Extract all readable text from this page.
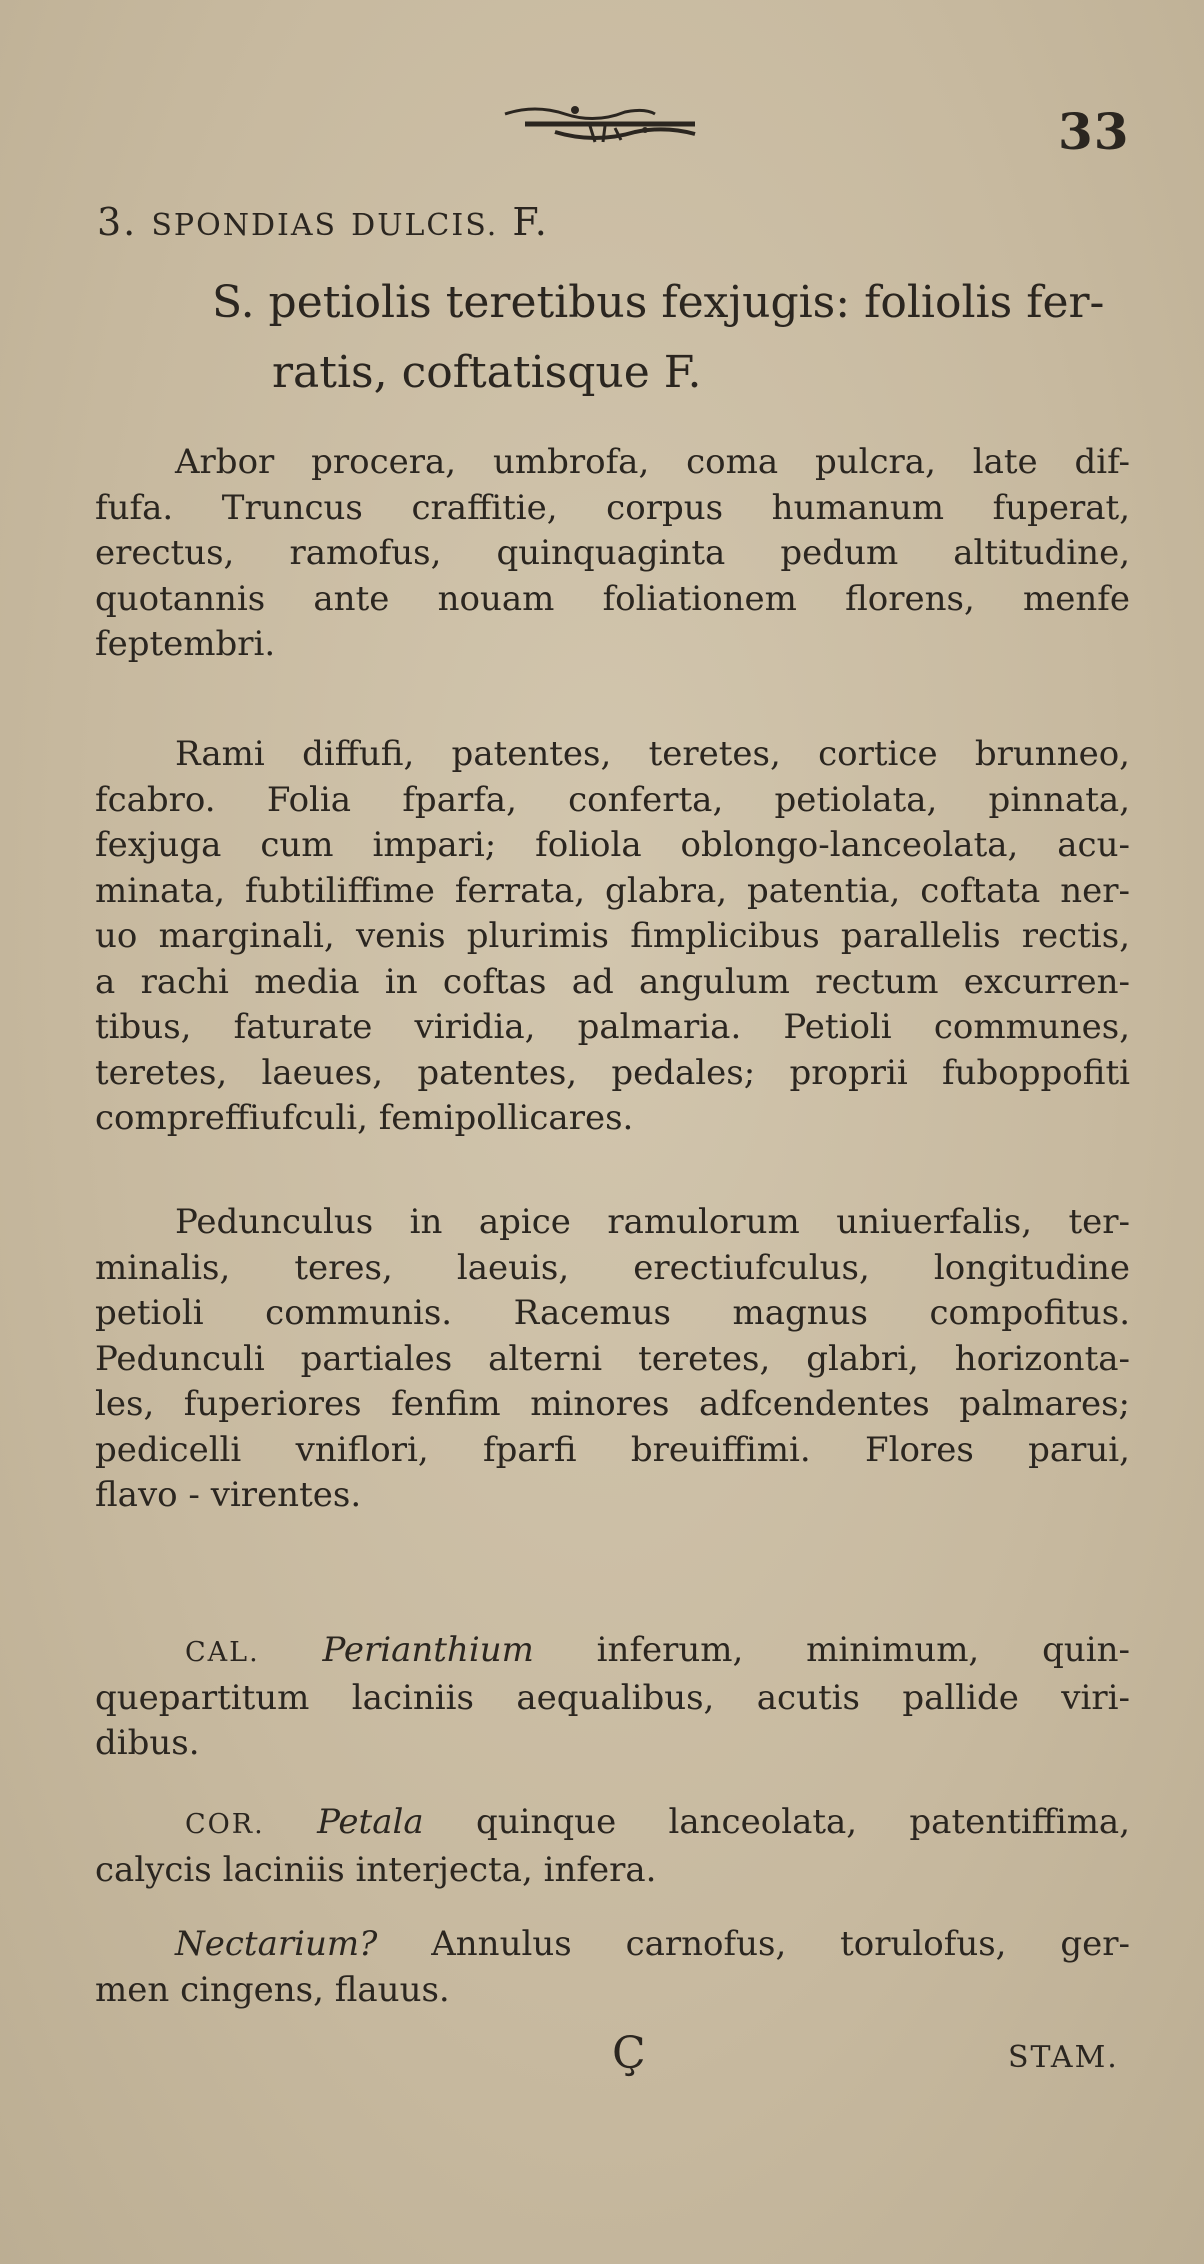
33
3. SPONDIAS DULCIS. F.
S. petiolis teretibus fexjugis: foliolis fer-
ratis, coftatisque F.
Arbor procera, umbrofa, coma pulcra, late dif-
fufa. Truncus craffitie, corpus humanum fuperat,
erectus, ramofus, quinquaginta pedum altitudine,
quotannis ante nouam foliationem florens, menfe
feptembri.
Rami diffufi, patentes, teretes, cortice brunneo,
fcabro. Folia fparfa, conferta, petiolata, pinnata,
fexjuga cum impari; foliola oblongo-lanceolata, acu-
minata, fubtiliffime ferrata, glabra, patentia, coftata ner-
uo marginali, venis plurimis fimplicibus parallelis rectis,
a rachi media in coftas ad angulum rectum excurren-
tibus, faturate viridia, palmaria. Petioli communes,
teretes, laeues, patentes, pedales; proprii fuboppofiti
compreffiufculi, femipollicares.
Pedunculus in apice ramulorum uniuerfalis, ter-
minalis, teres, laeuis, erectiufculus, longitudine
petioli communis. Racemus magnus compofitus.
Pedunculi partiales alterni teretes, glabri, horizonta-
les, fuperiores fenfim minores adfcendentes palmares;
pedicelli vniflori, fparfi breuiffimi. Flores parui,
flavo - virentes.
CAL. Perianthium inferum, minimum, quin-
quepartitum laciniis aequalibus, acutis pallide viri-
dibus.
COR. Petala quinque lanceolata, patentiffima,
calycis laciniis interjecta, infera.
Nectarium? Annulus carnofus, torulofus, ger-
men cingens, flauus.
Ç	STAM.
